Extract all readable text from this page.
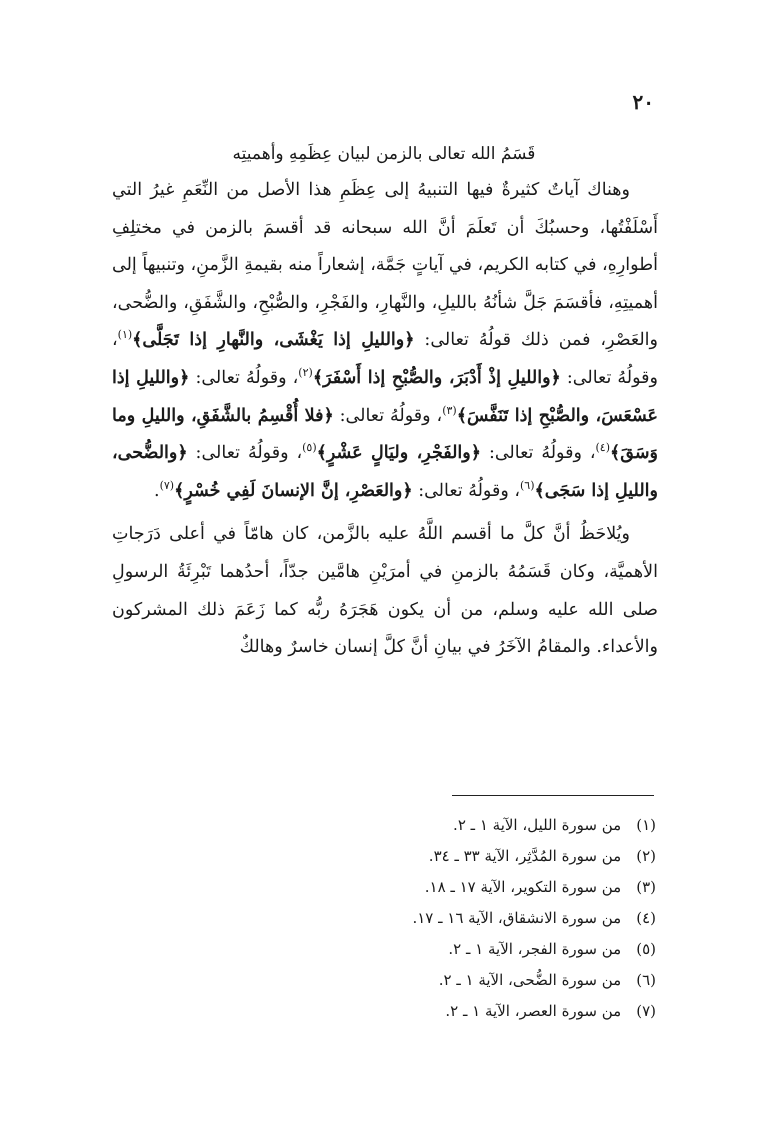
٢٠
قَسَمُ الله تعالى بالزمن لبيان عِظَمِهِ وأهميتِه

وهناك آياتٌ كثيرةٌ فيها التنبيهُ إلى عِظَمِ هذا الأصل من النِّعَمِ غيرُ التي أَسْلَفْتُها، وحسبُكَ أن تَعلَمَ أنَّ الله سبحانه قد أقسمَ بالزمن في مختلِفِ أطوارِهِ، في كتابه الكريم، في آياتٍ جَمَّة، إشعاراً منه بقيمةِ الزَّمنِ، وتنبيهاً إلى أهميتِهِ، فأقسَمَ جَلَّ شأنُهُ بالليلِ، والنَّهارِ، والفَجْرِ، والصُّبْحِ، والشَّفَقِ، والضُّحى، والعَصْرِ، فمن ذلك قولُهُ تعالى: ﴿والليلِ إذا يَغْشَى، والنَّهارِ إذا تَجَلَّى﴾$^{(١)}$، وقولُهُ تعالى: ﴿والليلِ إذْ أَدْبَرَ، والصُّبْحِ إذا أَسْفَرَ﴾$^{(٢)}$، وقولُهُ تعالى: ﴿والليلِ إذا عَسْعَسَ، والصُّبْحِ إذا تَنَفَّسَ﴾$^{(٣)}$، وقولُهُ تعالى: ﴿فلا أُقْسِمُ بالشَّفَقِ، والليلِ وما وَسَقَ﴾$^{(٤)}$، وقولُهُ تعالى: ﴿والفَجْرِ، وليَالٍ عَشْرٍ﴾$^{(٥)}$، وقولُهُ تعالى: ﴿والضُّحى، والليلِ إذا سَجَى﴾$^{(٦)}$، وقولُهُ تعالى: ﴿والعَصْرِ، إنَّ الإنسانَ لَفِي خُسْرٍ﴾$^{(٧)}$.

ويُلاحَظُ أنَّ كلَّ ما أقسم اللَّهُ عليه بالزَّمن، كان هامّاً في أعلى دَرَجاتِ الأهميَّة، وكان قَسَمُهُ بالزمنِ في أمرَيْنِ هامَّين جدّاً، أحدُهما تَبْرِئَةُ الرسولِ صلى الله عليه وسلم، من أن يكون هَجَرَهُ ربُّه كما زَعَمَ ذلك المشركون والأعداء. والمقامُ الآخَرُ في بيانِ أنَّ كلَّ إنسان خاسرٌ وهالكٌ

(١) من سورة الليل، الآية ١ ـ ٢.
(٢) من سورة المُدَّثِر، الآية ٣٣ ـ ٣٤.
(٣) من سورة التكوير، الآية ١٧ ـ ١٨.
(٤) من سورة الانشقاق، الآية ١٦ ـ ١٧.
(٥) من سورة الفجر، الآية ١ ـ ٢.
(٦) من سورة الضُّحى، الآية ١ ـ ٢.
(٧) من سورة العصر، الآية ١ ـ ٢.
